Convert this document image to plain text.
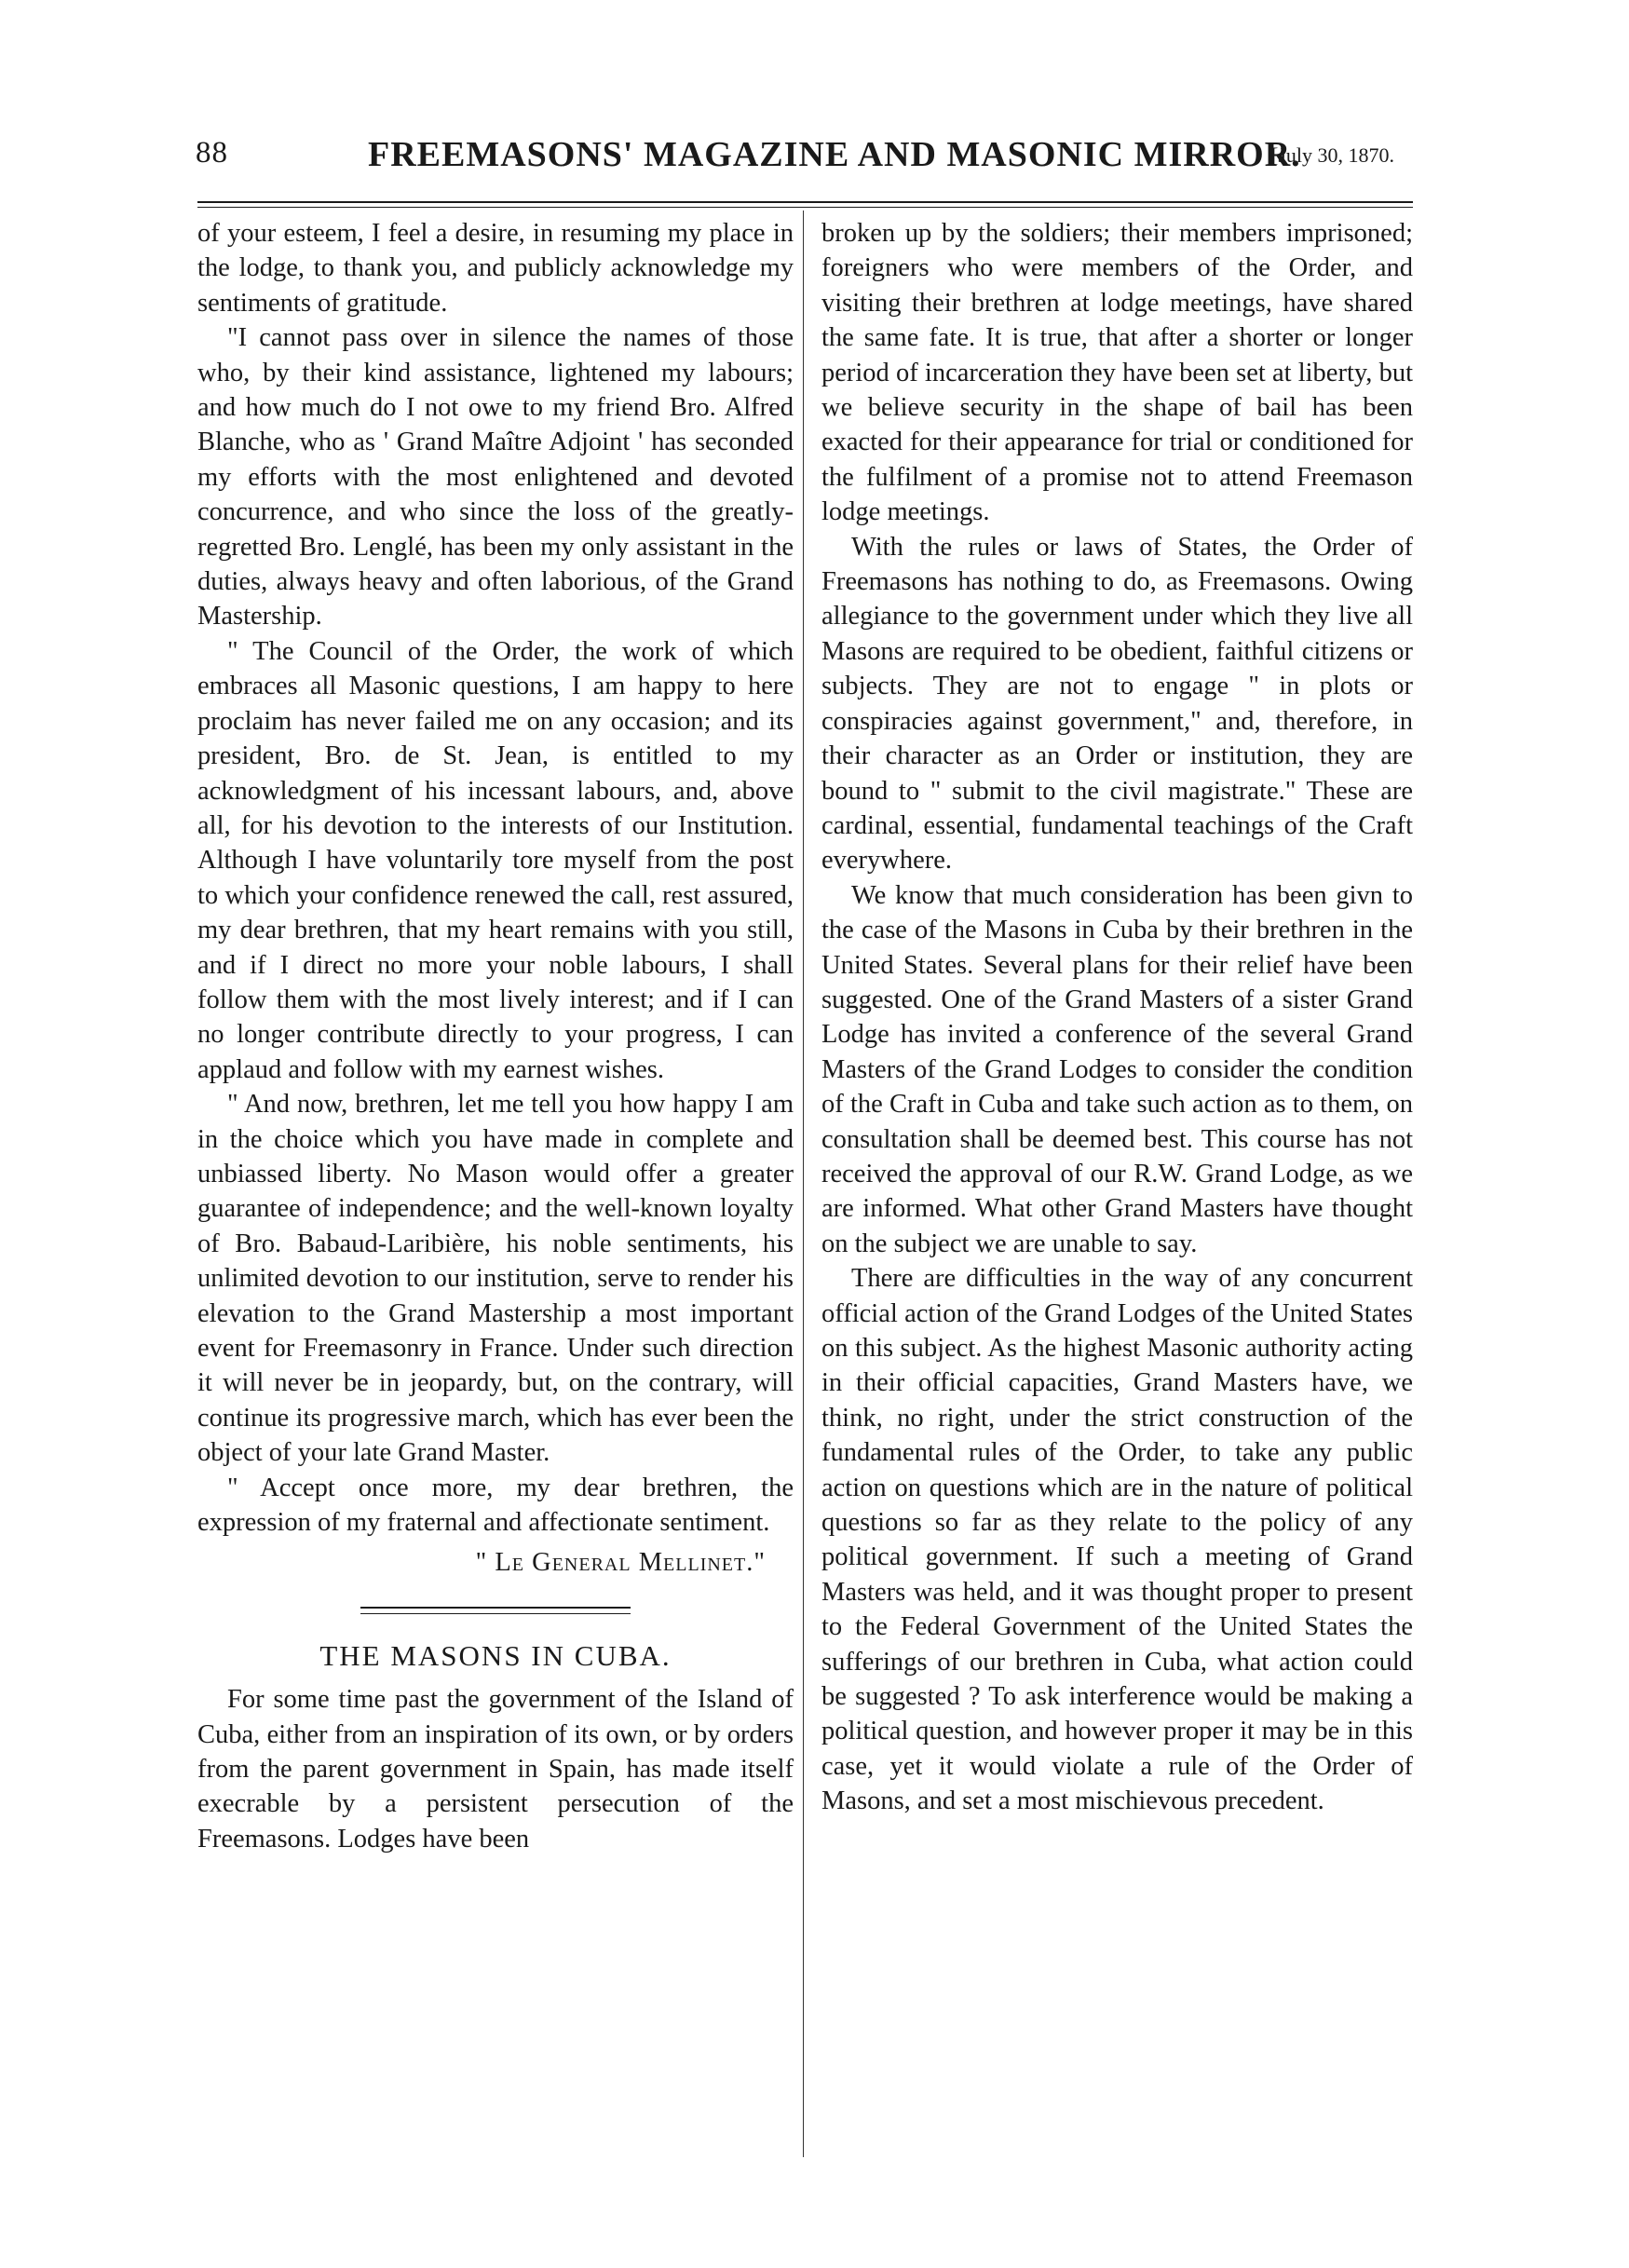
88	FREEMASONS' MAGAZINE AND MASONIC MIRROR.
[July 30, 1870.

of your esteem, I feel a desire, in resuming my place in the lodge, to thank you, and publicly acknowledge my sentiments of gratitude.

"I cannot pass over in silence the names of those who, by their kind assistance, lightened my labours; and how much do I not owe to my friend Bro. Alfred Blanche, who as ' Grand Maître Adjoint ' has seconded my efforts with the most enlightened and devoted concurrence, and who since the loss of the greatly-regretted Bro. Lenglé, has been my only assistant in the duties, always heavy and often laborious, of the Grand Mastership.

" The Council of the Order, the work of which embraces all Masonic questions, I am happy to here proclaim has never failed me on any occasion; and its president, Bro. de St. Jean, is entitled to my acknowledgment of his incessant labours, and, above all, for his devotion to the interests of our Institution. Although I have voluntarily tore myself from the post to which your confidence renewed the call, rest assured, my dear brethren, that my heart remains with you still, and if I direct no more your noble labours, I shall follow them with the most lively interest; and if I can no longer contribute directly to your progress, I can applaud and follow with my earnest wishes.

" And now, brethren, let me tell you how happy I am in the choice which you have made in complete and unbiassed liberty. No Mason would offer a greater guarantee of independence; and the well-known loyalty of Bro. Babaud-Laribière, his noble sentiments, his unlimited devotion to our institution, serve to render his elevation to the Grand Mastership a most important event for Freemasonry in France. Under such direction it will never be in jeopardy, but, on the contrary, will continue its progressive march, which has ever been the object of your late Grand Master.

" Accept once more, my dear brethren, the expression of my fraternal and affectionate sentiment.

" Le General Mellinet."

THE MASONS IN CUBA.

For some time past the government of the Island of Cuba, either from an inspiration of its own, or by orders from the parent government in Spain, has made itself execrable by a persistent persecution of the Freemasons. Lodges have been

broken up by the soldiers; their members imprisoned; foreigners who were members of the Order, and visiting their brethren at lodge meetings, have shared the same fate. It is true, that after a shorter or longer period of incarceration they have been set at liberty, but we believe security in the shape of bail has been exacted for their appearance for trial or conditioned for the fulfilment of a promise not to attend Freemason lodge meetings.

With the rules or laws of States, the Order of Freemasons has nothing to do, as Freemasons. Owing allegiance to the government under which they live all Masons are required to be obedient, faithful citizens or subjects. They are not to engage " in plots or conspiracies against government," and, therefore, in their character as an Order or institution, they are bound to " submit to the civil magistrate." These are cardinal, essential, fundamental teachings of the Craft everywhere.

We know that much consideration has been givn to the case of the Masons in Cuba by their brethren in the United States. Several plans for their relief have been suggested. One of the Grand Masters of a sister Grand Lodge has invited a conference of the several Grand Masters of the Grand Lodges to consider the condition of the Craft in Cuba and take such action as to them, on consultation shall be deemed best. This course has not received the approval of our R.W. Grand Lodge, as we are informed. What other Grand Masters have thought on the subject we are unable to say.

There are difficulties in the way of any concurrent official action of the Grand Lodges of the United States on this subject. As the highest Masonic authority acting in their official capacities, Grand Masters have, we think, no right, under the strict construction of the fundamental rules of the Order, to take any public action on questions which are in the nature of political questions so far as they relate to the policy of any political government. If such a meeting of Grand Masters was held, and it was thought proper to present to the Federal Government of the United States the sufferings of our brethren in Cuba, what action could be suggested ? To ask interference would be making a political question, and however proper it may be in this case, yet it would violate a rule of the Order of Masons, and set a most mischievous precedent.
